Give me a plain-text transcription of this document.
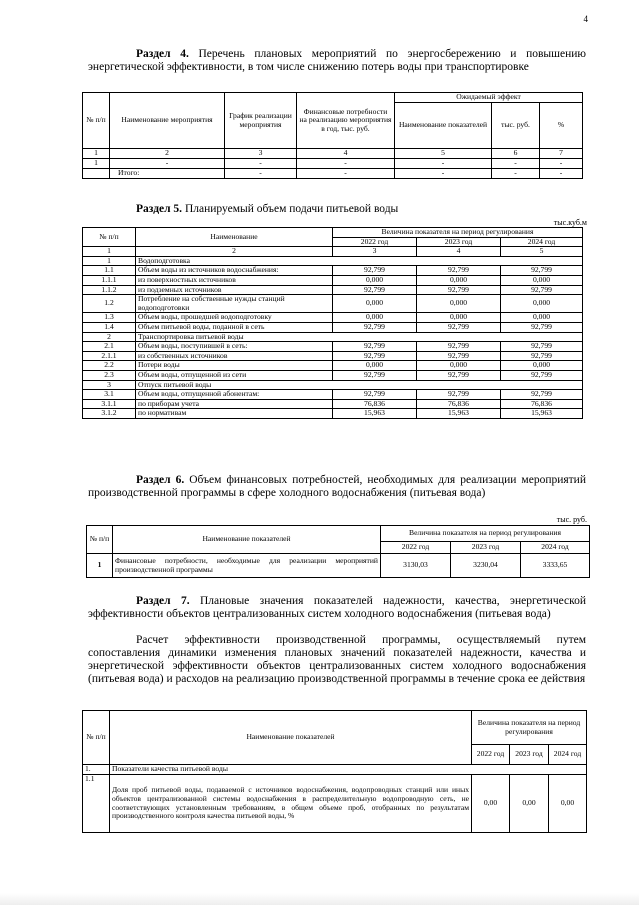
4
Раздел 4. Перечень плановых мероприятий по энергосбережению и повышению энергетической эффективности, в том числе снижению потерь воды при транспортировке
№ п/п	Наименование мероприятия	График реализации мероприятия	Финансовые потребности на реализацию мероприятия в год, тыс. руб.	Ожидаемый эффект		
				Наименование показателей	тыс. руб.	%
1	2	3	4	5	6	7
1	-	-	-	-	-	-
	Итого:	-	-	-	-	-
Раздел 5. Планируемый объем подачи питьевой воды
тыс.куб.м
№ п/п	Наименование	Величина показателя на период регулирования		
		2022 год	2023 год	2024 год
1	2	3	4	5
1	Водоподготовка			
1.1	Объем воды из источников водоснабжения:	92,799	92,799	92,799
1.1.1	из поверхностных источников	0,000	0,000	0,000
1.1.2	из подземных источников	92,799	92,799	92,799
1.2	Потребление на собственные нужды станций водоподготовки	0,000	0,000	0,000
1.3	Объем воды, прошедшей водоподготовку	0,000	0,000	0,000
1.4	Объем питьевой воды, поданной в сеть	92,799	92,799	92,799
2	Транспортировка питьевой воды			
2.1	Объем воды, поступившей в сеть:	92,799	92,799	92,799
2.1.1	из собственных источников	92,799	92,799	92,799
2.2	Потери воды	0,000	0,000	0,000
2.3	Объем воды, отпущенной из сети	92,799	92,799	92,799
3	Отпуск питьевой воды			
3.1	Объем воды, отпущенной абонентам:	92,799	92,799	92,799
3.1.1	по приборам учета	76,836	76,836	76,836
3.1.2	по нормативам	15,963	15,963	15,963
Раздел 6. Объем финансовых потребностей, необходимых для реализации мероприятий производственной программы в сфере холодного водоснабжения (питьевая вода)
тыс. руб.
№ п/п	Наименование показателей	Величина показателя на период регулирования		
		2022 год	2023 год	2024 год
1	Финансовые потребности, необходимые для реализации мероприятий производственной программы	3130,03	3230,04	3333,65
Раздел 7. Плановые значения показателей надежности, качества, энергетической эффективности объектов централизованных систем холодного водоснабжения (питьевая вода)
Расчет эффективности производственной программы, осуществляемый путем сопоставления динамики изменения плановых значений показателей надежности, качества и энергетической эффективности объектов централизованных систем холодного водоснабжения (питьевая вода) и расходов на реализацию производственной программы в течение срока ее действия
№ п/п	Наименование показателей	Величина показателя на период регулирования		
		2022 год	2023 год	2024 год
1.	Показатели качества питьевой воды			
1.1	Доля проб питьевой воды, подаваемой с источников водоснабжения, водопроводных станций или иных объектов централизованной системы водоснабжения в распределительную водопроводную сеть, не соответствующих установленным требованиям, в общем объеме проб, отобранных по результатам производственного контроля качества питьевой воды, %	0,00	0,00	0,00
